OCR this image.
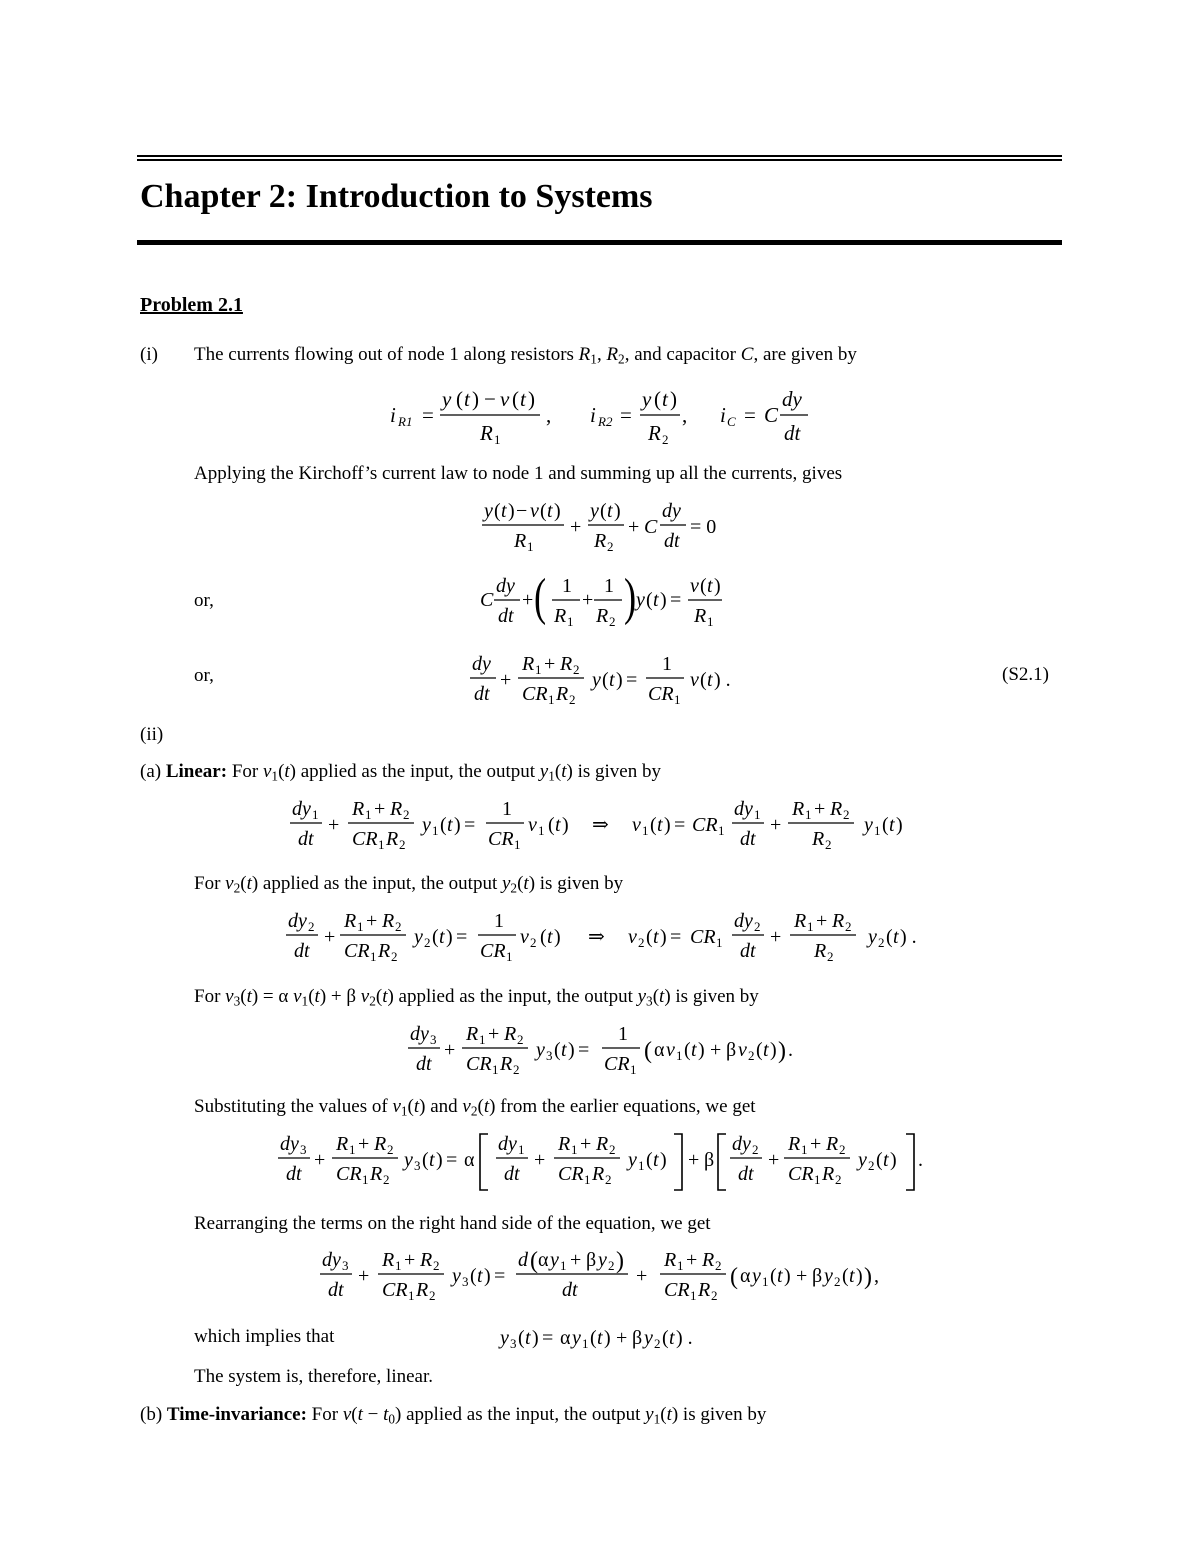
Chapter 2: Introduction to Systems
Problem 2.1
(i) The currents flowing out of node 1 along resistors $R_1$, $R_2$, and capacitor C, are given by
i R1 =
y ( t ) − v ( t )
R 1
, i R2 =
y ( t )
R 2
, i C = C
dy
dt
Applying the Kirchoff’s current law to node 1 and summing up all the currents, gives
y ( t ) − v ( t )
R 1
+
y ( t )
R 2
+ C
dy
dt
= 0
or,	C
dy
dt
+ ( 1
R 1
+
1
R 2 ) y ( t ) =
v ( t )
R 1
or,
dy
dt
+
R 1 + R 2
CR 1 R 2
y ( t ) =
1
CR 1
v ( t ) .	(S2.1)
(ii)
(a) Linear: For $v_1(t)$ applied as the input, the output $y_1(t)$ is given by
dy 1
dt
+
R 1 + R 2
CR 1 R 2
y 1 ( t ) =
1
CR 1
v 1 ( t ) ⇒ v 1 ( t ) = CR 1
dy 1
dt
+
R 1 + R 2
R 2
y 1 ( t )
For $v_2(t)$ applied as the input, the output $y_2(t)$ is given by
dy 2
dt
+
R 1 + R 2
CR 1 R 2
y 2 ( t ) =
1
CR 1
v 2 ( t ) ⇒ v 2 ( t ) = CR 1
dy 2
dt
+
R 1 + R 2
R 2
y 2 ( t ) .
For $v_3(t) = \alpha$ $v_1(t) + \beta$ $v_2(t)$ applied as the input, the output $y_3(t)$ is given by
dy 3
dt
+
R 1 + R 2
CR 1 R 2
y 3 ( t ) =
1
CR 1
( α v 1 ( t ) + β v 2 ( t ) ) .
Substituting the values of $v_1(t)$ and $v_2(t)$ from the earlier equations, we get
dy 3
dt
+
R 1 + R 2
CR 1 R 2
y 3 ( t ) = α
dy 1
dt
+
R 1 + R 2
CR 1 R 2
y 1 ( t ) + β
dy 2
dt
+
R 1 + R 2
CR 1 R 2
y 2 ( t ) .
Rearranging the terms on the right hand side of the equation, we get
dy 3
dt
+
R 1 + R 2
CR 1 R 2
y 3 ( t ) =
d ( α y 1 + β y 2 )
dt
+
R 1 + R 2
CR 1 R 2
( α y 1 ( t ) + β y 2 ( t ) ) ,
which implies that	y 3 ( t ) = α y 1 ( t ) + β y 2 ( t ) .
The system is, therefore, linear.
(b) Time-invariance: For $v(t - t_0)$ applied as the input, the output $y_1(t)$ is given by
